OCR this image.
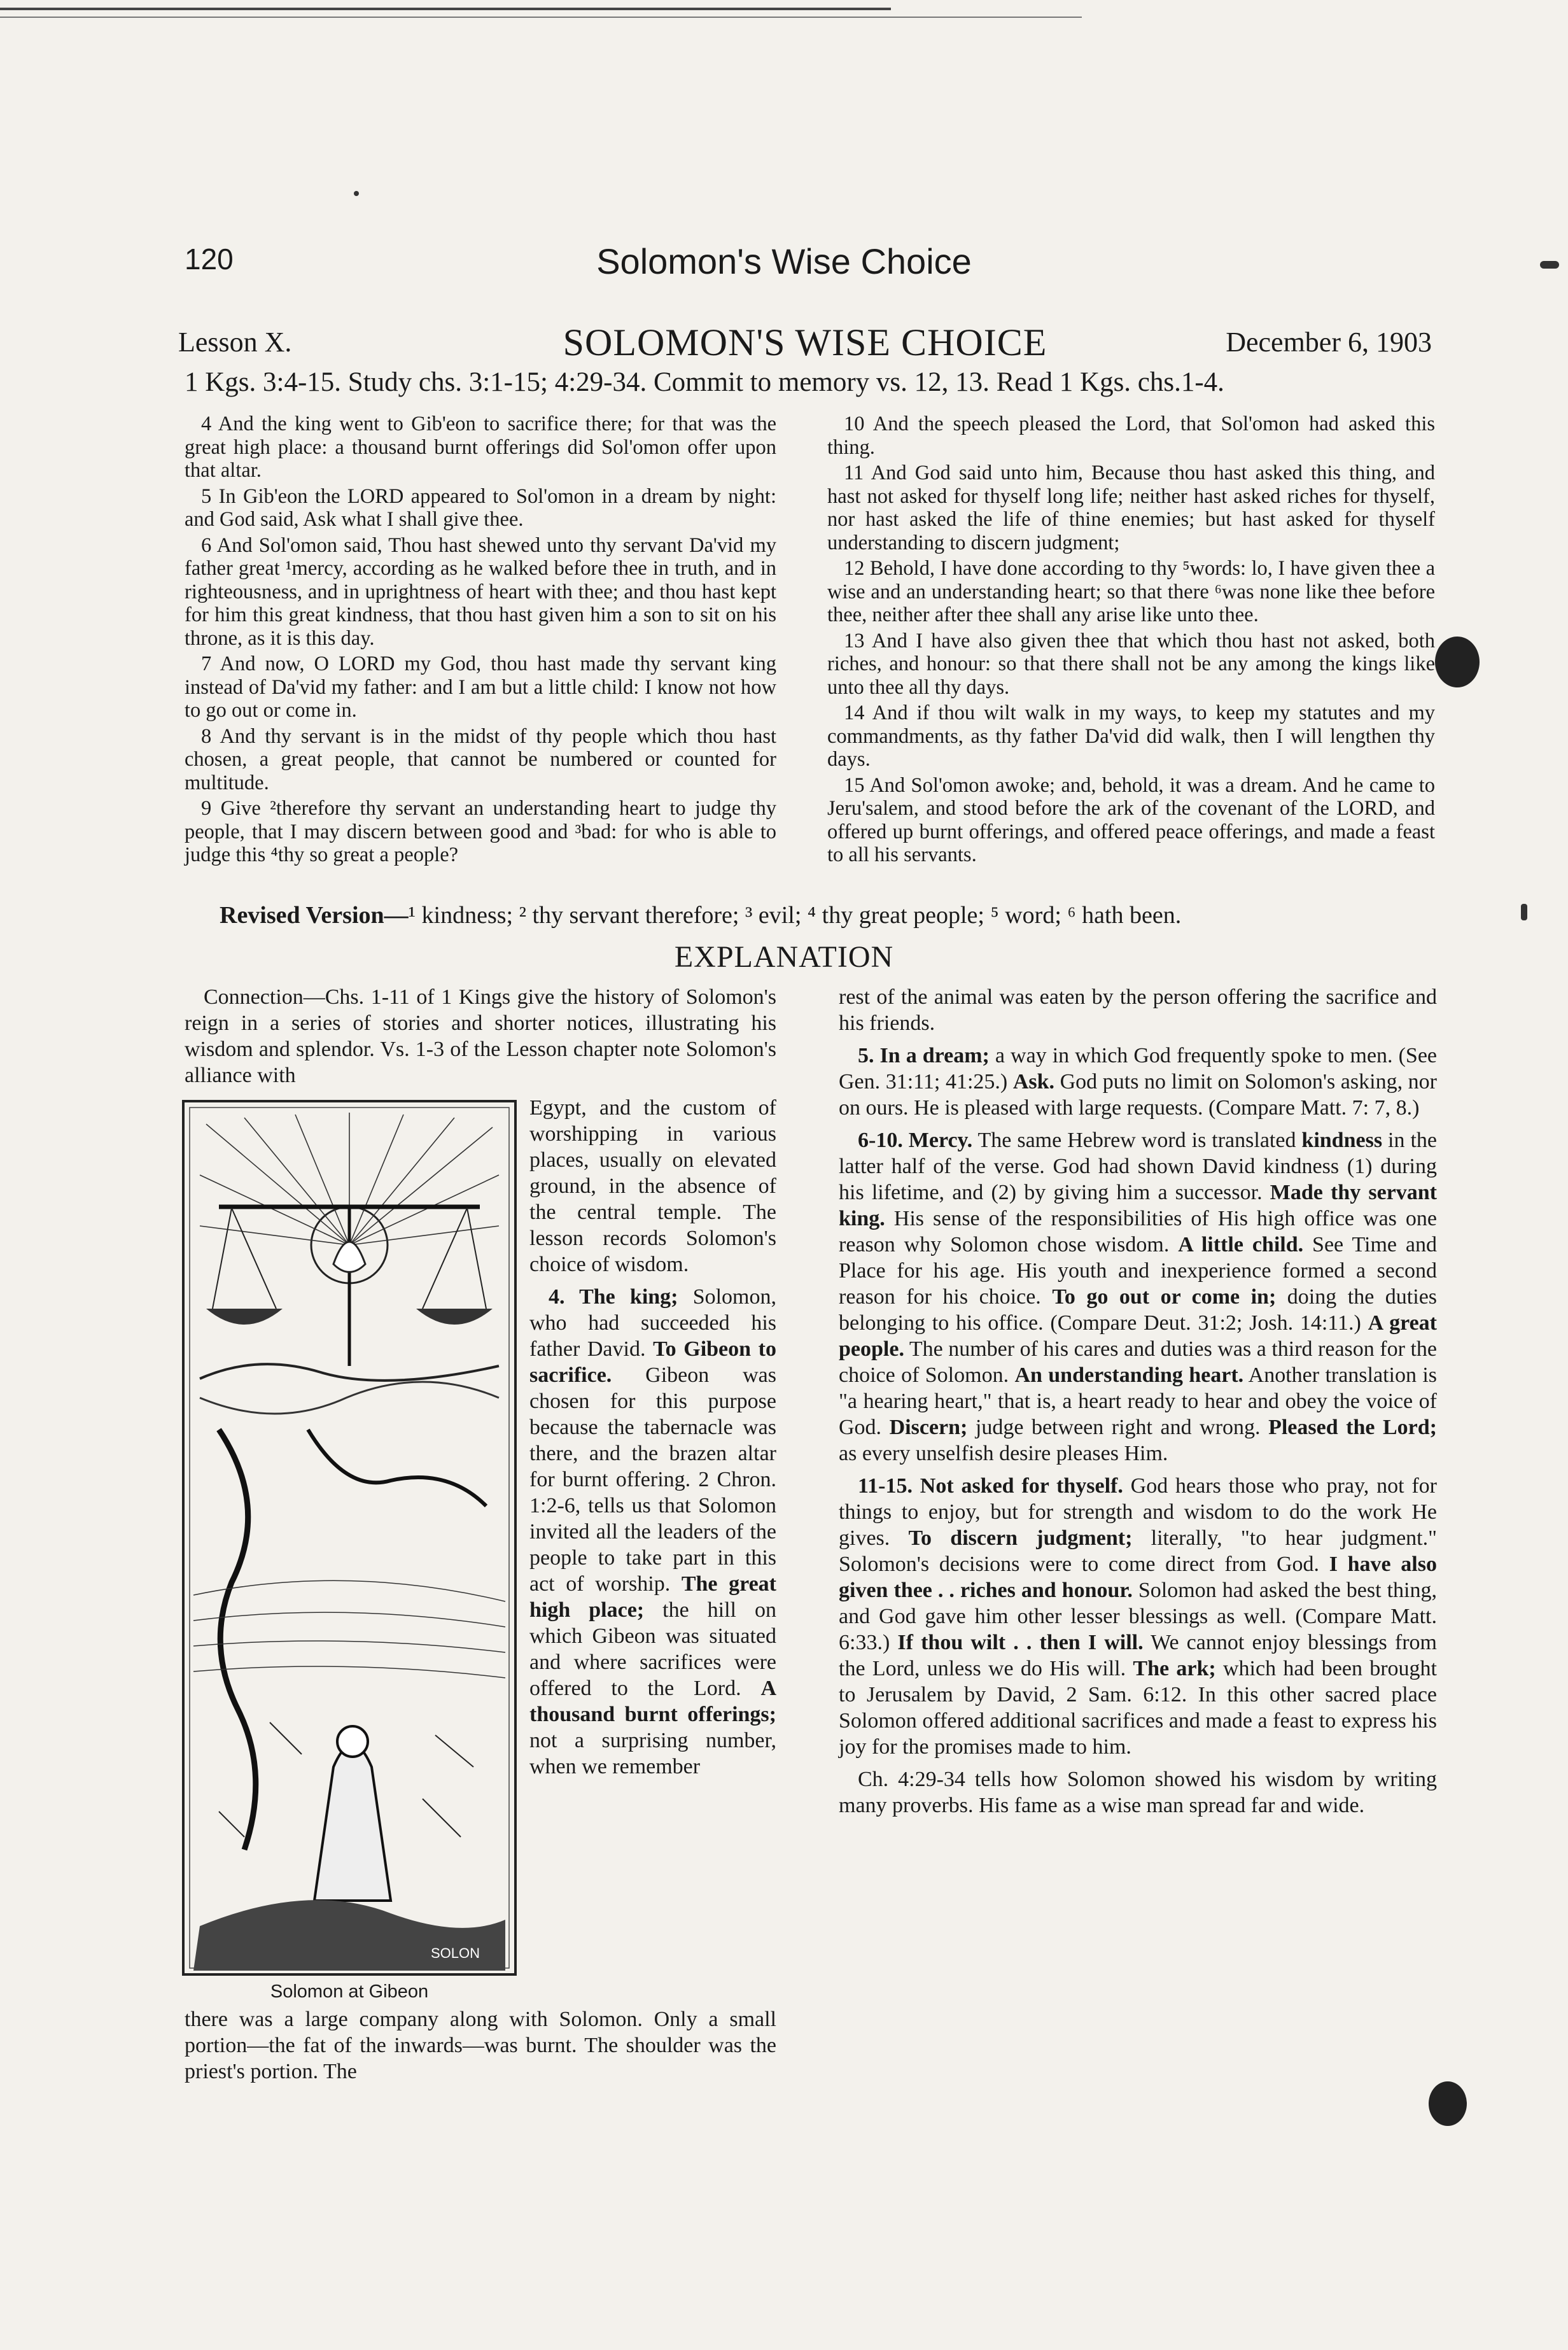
120	Solomon's Wise Choice
Lesson X.	SOLOMON'S WISE CHOICE	December 6, 1903
1 Kgs. 3:4-15. Study chs. 3:1-15; 4:29-34. Commit to memory vs. 12, 13. Read 1 Kgs. chs.1-4.

4 And the king went to Gib'eon to sacrifice there; for that was the great high place: a thousand burnt offerings did Sol'omon offer upon that altar.

5 In Gib'eon the LORD appeared to Sol'omon in a dream by night: and God said, Ask what I shall give thee.

6 And Sol'omon said, Thou hast shewed unto thy servant Da'vid my father great ¹mercy, according as he walked before thee in truth, and in righteousness, and in uprightness of heart with thee; and thou hast kept for him this great kindness, that thou hast given him a son to sit on his throne, as it is this day.

7 And now, O LORD my God, thou hast made thy servant king instead of Da'vid my father: and I am but a little child: I know not how to go out or come in.

8 And thy servant is in the midst of thy people which thou hast chosen, a great people, that cannot be numbered or counted for multitude.

9 Give ²therefore thy servant an understanding heart to judge thy people, that I may discern between good and ³bad: for who is able to judge this ⁴thy so great a people?

10 And the speech pleased the Lord, that Sol'omon had asked this thing.

11 And God said unto him, Because thou hast asked this thing, and hast not asked for thyself long life; neither hast asked riches for thyself, nor hast asked the life of thine enemies; but hast asked for thyself understanding to discern judgment;

12 Behold, I have done according to thy ⁵words: lo, I have given thee a wise and an understanding heart; so that there ⁶was none like thee before thee, neither after thee shall any arise like unto thee.

13 And I have also given thee that which thou hast not asked, both riches, and honour: so that there shall not be any among the kings like unto thee all thy days.

14 And if thou wilt walk in my ways, to keep my statutes and my commandments, as thy father Da'vid did walk, then I will lengthen thy days.

15 And Sol'omon awoke; and, behold, it was a dream. And he came to Jeru'salem, and stood before the ark of the covenant of the LORD, and offered up burnt offerings, and offered peace offerings, and made a feast to all his servants.

Revised Version—¹ kindness; ² thy servant therefore; ³ evil; ⁴ thy great people; ⁵ word; ⁶ hath been.
EXPLANATION

Connection—Chs. 1-11 of 1 Kings give the history of Solomon's reign in a series of stories and shorter notices, illustrating his wisdom and splendor. Vs. 1-3 of the Lesson chapter note Solomon's alliance with

SOLON
Solomon at Gibeon

Egypt, and the custom of worshipping in various places, usually on elevated ground, in the absence of the central temple. The lesson records Solomon's choice of wisdom.

4. The king; Solomon, who had succeeded his father David. To Gibeon to sacrifice. Gibeon was chosen for this purpose because the tabernacle was there, and the brazen altar for burnt offering. 2 Chron. 1:2-6, tells us that Solomon invited all the leaders of the people to take part in this act of worship. The great high place; the hill on which Gibeon was situated and where sacrifices were offered to the Lord. A thousand burnt offerings; not a surprising number, when we remember

there was a large company along with Solomon. Only a small portion—the fat of the inwards—was burnt. The shoulder was the priest's portion. The

rest of the animal was eaten by the person offering the sacrifice and his friends.

5. In a dream; a way in which God frequently spoke to men. (See Gen. 31:11; 41:25.) Ask. God puts no limit on Solomon's asking, nor on ours. He is pleased with large requests. (Compare Matt. 7: 7, 8.)

6-10. Mercy. The same Hebrew word is translated kindness in the latter half of the verse. God had shown David kindness (1) during his lifetime, and (2) by giving him a successor. Made thy servant king. His sense of the responsibilities of His high office was one reason why Solomon chose wisdom. A little child. See Time and Place for his age. His youth and inexperience formed a second reason for his choice. To go out or come in; doing the duties belonging to his office. (Compare Deut. 31:2; Josh. 14:11.) A great people. The number of his cares and duties was a third reason for the choice of Solomon. An understanding heart. Another translation is "a hearing heart," that is, a heart ready to hear and obey the voice of God. Discern; judge between right and wrong. Pleased the Lord; as every unselfish desire pleases Him.

11-15. Not asked for thyself. God hears those who pray, not for things to enjoy, but for strength and wisdom to do the work He gives. To discern judgment; literally, "to hear judgment." Solomon's decisions were to come direct from God. I have also given thee . . riches and honour. Solomon had asked the best thing, and God gave him other lesser blessings as well. (Compare Matt. 6:33.) If thou wilt . . then I will. We cannot enjoy blessings from the Lord, unless we do His will. The ark; which had been brought to Jerusalem by David, 2 Sam. 6:12. In this other sacred place Solomon offered additional sacrifices and made a feast to express his joy for the promises made to him.

Ch. 4:29-34 tells how Solomon showed his wisdom by writing many proverbs. His fame as a wise man spread far and wide.
